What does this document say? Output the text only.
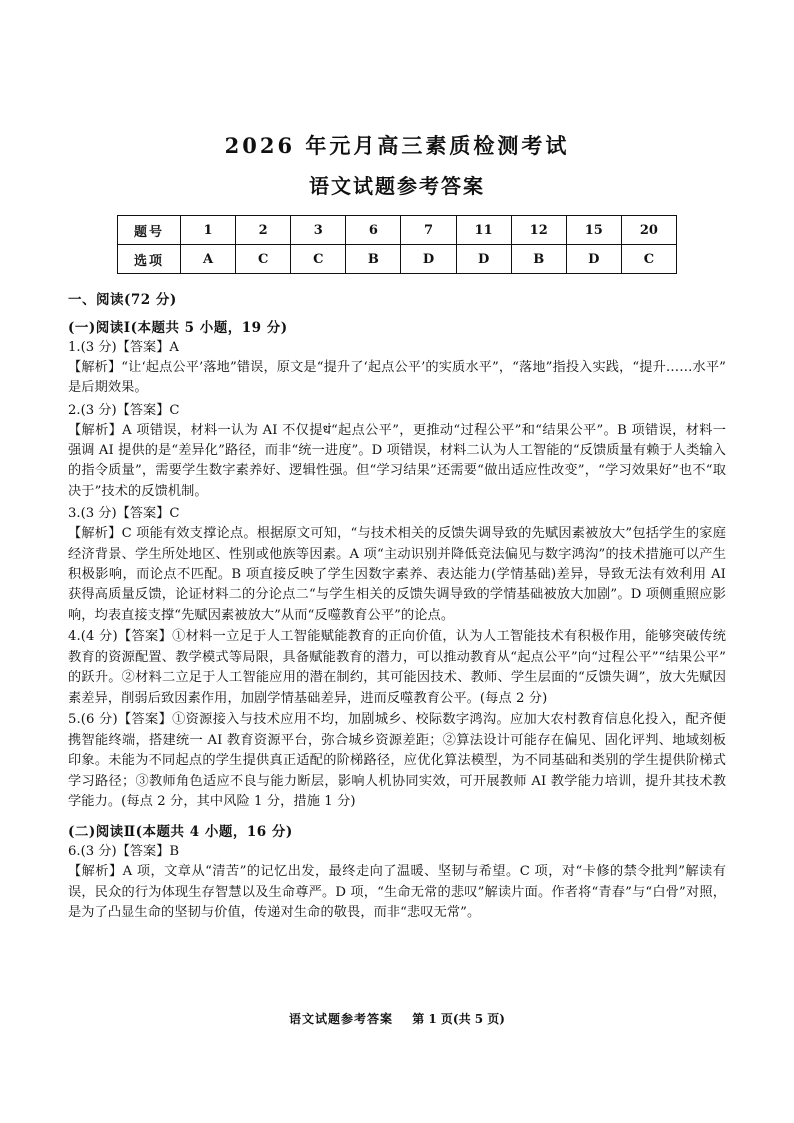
2026 年元月高三素质检测考试
语文试题参考答案
题号	1	2	3	6	7	11	12	15	20
选项	A	C	C	B	D	D	B	D	C
一、阅读(72 分)
(一)阅读Ⅰ(本题共 5 小题，19 分)
1.(3 分)【答案】A
【解析】“让‘起点公平’落地”错误，原文是“提升了‘起点公平’的实质水平”，“落地”指投入实践，“提升……水平”是后期效果。
2.(3 分)【答案】C
【解析】A 项错误，材料一认为 AI 不仅提धं“起点公平”，更推动“过程公平”和“结果公平”。B 项错误，材料一强调 AI 提供的是“差异化”路径，而非“统一进度”。D 项错误，材料二认为人工智能的“反馈质量有赖于人类输入的指令质量”，需要学生数字素养好、逻辑性强。但“学习结果”还需要“做出适应性改变”，“学习效果好”也不“取决于”技术的反馈机制。
3.(3 分)【答案】C
【解析】C 项能有效支撑论点。根据原文可知，“与技术相关的反馈失调导致的先赋因素被放大”包括学生的家庭经济背景、学生所处地区、性别或他族等因素。A 项“主动识别并降低竞法偏见与数字鸿沟”的技术措施可以产生积极影响，而论点不匹配。B 项直接反映了学生因数字素养、表达能力(学情基础)差异，导致无法有效利用 AI 获得高质量反馈，论证材料二的分论点二“与学生相关的反馈失调导致的学情基础被放大加剧”。D 项侧重照应影响，均表直接支撑“先赋因素被放大”从而“反噬教育公平”的论点。
4.(4 分)【答案】①材料一立足于人工智能赋能教育的正向价值，认为人工智能技术有积极作用，能够突破传统教育的资源配置、教学模式等局限，具备赋能教育的潜力，可以推动教育从“起点公平”向“过程公平”“结果公平”的跃升。②材料二立足于人工智能应用的潜在制约，其可能因技术、教师、学生层面的“反馈失调”，放大先赋因素差异，削弱后致因素作用，加剧学情基础差异，进而反噬教育公平。(每点 2 分)
5.(6 分)【答案】①资源接入与技术应用不均，加剧城乡、校际数字鸿沟。应加大农村教育信息化投入，配齐便携智能终端，搭建统一 AI 教育资源平台，弥合城乡资源差距；②算法设计可能存在偏见、固化评判、地域刻板印象。未能为不同起点的学生提供真正适配的阶梯路径，应优化算法模型，为不同基础和类别的学生提供阶梯式学习路径；③教师角色适应不良与能力断层，影响人机协同实效，可开展教师 AI 教学能力培训，提升其技术教学能力。(每点 2 分，其中风险 1 分，措施 1 分)
(二)阅读Ⅱ(本题共 4 小题，16 分)
6.(3 分)【答案】B
【解析】A 项，文章从“清苦”的记忆出发，最终走向了温暖、坚韧与希望。C 项，对“卡修的禁令批判”解读有误，民众的行为体现生存智慧以及生命尊严。D 项，“生命无常的悲叹”解读片面。作者将“青春”与“白骨”对照，是为了凸显生命的坚韧与价值，传递对生命的敬畏，而非“悲叹无常”。
语文试题参考答案 第 1 页(共 5 页)
